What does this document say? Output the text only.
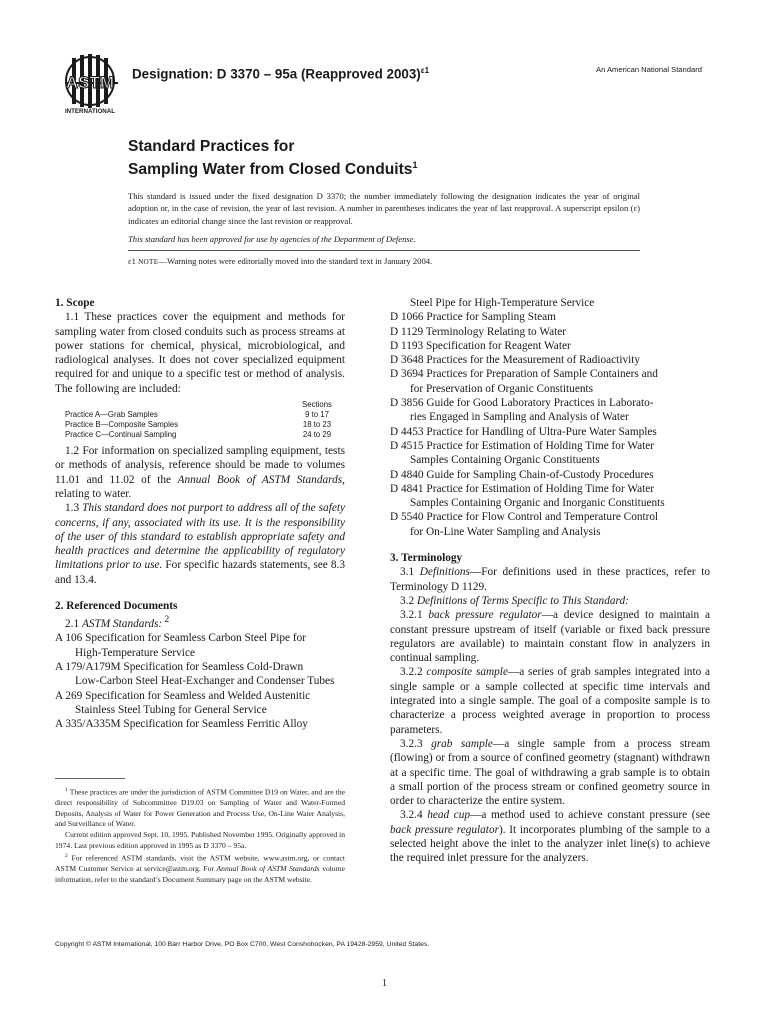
ASTM
INTERNATIONAL
Designation: D 3370 – 95a (Reapproved 2003)$^{\varepsilon 1}$	An American National Standard
Standard Practices for
Sampling Water from Closed Conduits$^1$
This standard is issued under the fixed designation D 3370; the number immediately following the designation indicates the year of original adoption or, in the case of revision, the year of last revision. A number in parentheses indicates the year of last reapproval. A superscript epsilon (ε) indicates an editorial change since the last revision or reapproval.
This standard has been approved for use by agencies of the Department of Defense.
ε1 NOTE—Warning notes were editorially moved into the standard text in January 2004.

1. Scope

1.1 These practices cover the equipment and methods for sampling water from closed conduits such as process streams at power stations for chemical, physical, microbiological, and radiological analyses. It does not cover specialized equipment required for and unique to a specific test or method of analysis. The following are included:

Sections
Practice A—Grab Samples	9 to 17
Practice B—Composite Samples	18 to 23
Practice C—Continual Sampling	24 to 29

1.2 For information on specialized sampling equipment, tests or methods of analysis, reference should be made to volumes 11.01 and 11.02 of the Annual Book of ASTM Standards, relating to water.

1.3 This standard does not purport to address all of the safety concerns, if any, associated with its use. It is the responsibility of the user of this standard to establish appropriate safety and health practices and determine the applicability of regulatory limitations prior to use. For specific hazards statements, see 8.3 and 13.4.

2. Referenced Documents

2.1 ASTM Standards: $^2$

A 106 Specification for Seamless Carbon Steel Pipe for

High-Temperature Service

A 179/A179M Specification for Seamless Cold-Drawn

Low-Carbon Steel Heat-Exchanger and Condenser Tubes

A 269 Specification for Seamless and Welded Austenitic

Stainless Steel Tubing for General Service

A 335/A335M Specification for Seamless Ferritic Alloy

$^1$ These practices are under the jurisdiction of ASTM Committee D19 on Water, and are the direct responsibility of Subcommittee D19.03 on Sampling of Water and Water-Formed Deposits, Analysis of Water for Power Generation and Process Use, On-Line Water Analysis, and Surveillance of Water.

Current edition approved Sept. 10, 1995. Published November 1995. Originally approved in 1974. Last previous edition approved in 1995 as D 3370 – 95a.

$^2$ For referenced ASTM standards, visit the ASTM website, www.astm.org, or contact ASTM Customer Service at service@astm.org. For Annual Book of ASTM Standards volume information, refer to the standard’s Document Summary page on the ASTM website.

Steel Pipe for High-Temperature Service

D 1066 Practice for Sampling Steam

D 1129 Terminology Relating to Water

D 1193 Specification for Reagent Water

D 3648 Practices for the Measurement of Radioactivity

D 3694 Practices for Preparation of Sample Containers and

for Preservation of Organic Constituents

D 3856 Guide for Good Laboratory Practices in Laborato-

ries Engaged in Sampling and Analysis of Water

D 4453 Practice for Handling of Ultra-Pure Water Samples

D 4515 Practice for Estimation of Holding Time for Water

Samples Containing Organic Constituents

D 4840 Guide for Sampling Chain-of-Custody Procedures

D 4841 Practice for Estimation of Holding Time for Water

Samples Containing Organic and Inorganic Constituents

D 5540 Practice for Flow Control and Temperature Control

for On-Line Water Sampling and Analysis

3. Terminology

3.1 Definitions—For definitions used in these practices, refer to Terminology D 1129.

3.2 Definitions of Terms Specific to This Standard:

3.2.1 back pressure regulator—a device designed to maintain a constant pressure upstream of itself (variable or fixed back pressure regulators are available) to maintain constant flow in analyzers in continual sampling.

3.2.2 composite sample—a series of grab samples integrated into a single sample or a sample collected at specific time intervals and integrated into a single sample. The goal of a composite sample is to characterize a process weighted average in proportion to process parameters.

3.2.3 grab sample—a single sample from a process stream (flowing) or from a source of confined geometry (stagnant) withdrawn at a specific time. The goal of withdrawing a grab sample is to obtain a small portion of the process stream or confined geometry source in order to characterize the entire system.

3.2.4 head cup—a method used to achieve constant pressure (see back pressure regulator). It incorporates plumbing of the sample to a selected height above the inlet to the analyzer inlet line(s) to achieve the required inlet pressure for the analyzers.

Copyright © ASTM International, 100 Barr Harbor Drive, PO Box C700, West Conshohocken, PA 19428-2959, United States.
1
